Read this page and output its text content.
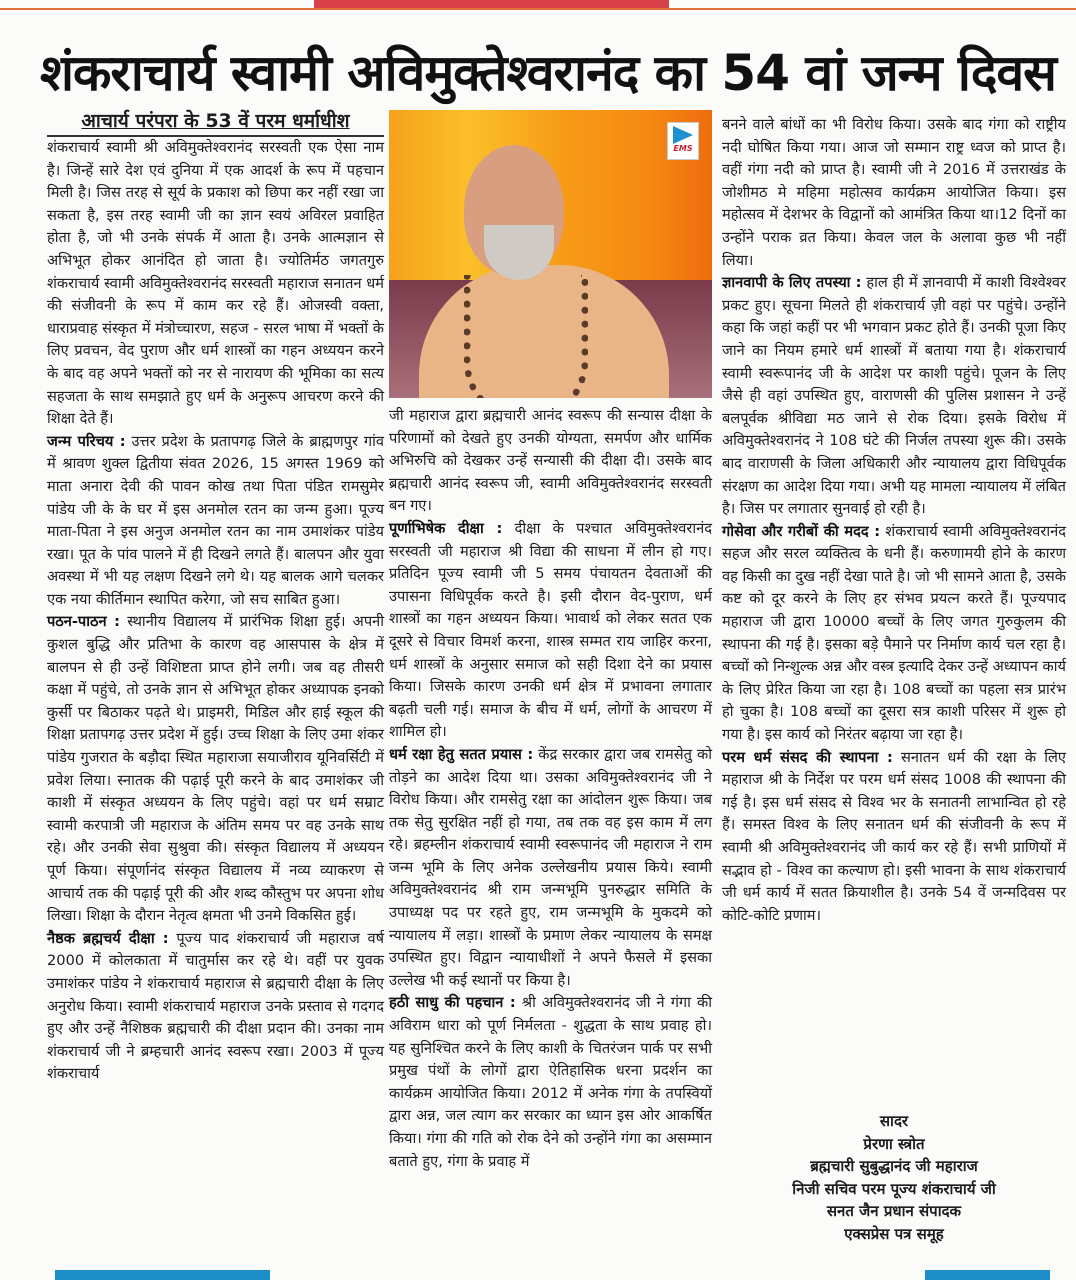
शंकराचार्य स्वामी अविमुक्तेश्वरानंद का 54 वां जन्म दिवस
आचार्य परंपरा के 53 वें परम धर्माधीश
EMS

शंकराचार्य स्वामी श्री अविमुक्तेश्वरानंद सरस्वती एक ऐसा नाम है। जिन्हें सारे देश एवं दुनिया में एक आदर्श के रूप में पहचान मिली है। जिस तरह से सूर्य के प्रकाश को छिपा कर नहीं रखा जा सकता है, इस तरह स्वामी जी का ज्ञान स्वयं अविरल प्रवाहित होता है, जो भी उनके संपर्क में आता है। उनके आत्मज्ञान से अभिभूत होकर आनंदित हो जाता है। ज्योतिर्मठ जगतगुरु शंकराचार्य स्वामी अविमुक्तेश्वरानंद सरस्वती महाराज सनातन धर्म की संजीवनी के रूप में काम कर रहे हैं। ओजस्वी वक्ता, धाराप्रवाह संस्कृत में मंत्रोच्चारण, सहज - सरल भाषा में भक्तों के लिए प्रवचन, वेद पुराण और धर्म शास्त्रों का गहन अध्ययन करने के बाद वह अपने भक्तों को नर से नारायण की भूमिका का सत्य सहजता के साथ समझाते हुए धर्म के अनुरूप आचरण करने की शिक्षा देते हैं।

जन्म परिचय : उत्तर प्रदेश के प्रतापगढ़ जिले के ब्राह्मणपुर गांव में श्रावण शुक्ल द्वितीया संवत 2026, 15 अगस्त 1969 को माता अनारा देवी की पावन कोख तथा पिता पंडित रामसुमेर पांडेय जी के के घर में इस अनमोल रतन का जन्म हुआ। पूज्य माता-पिता ने इस अनुज अनमोल रतन का नाम उमाशंकर पांडेय रखा। पूत के पांव पालने में ही दिखने लगते हैं। बालपन और युवा अवस्था में भी यह लक्षण दिखने लगे थे। यह बालक आगे चलकर एक नया कीर्तिमान स्थापित करेगा, जो सच साबित हुआ।

पठन-पाठन : स्थानीय विद्यालय में प्रारंभिक शिक्षा हुई। अपनी कुशल बुद्धि और प्रतिभा के कारण वह आसपास के क्षेत्र में बालपन से ही उन्हें विशिष्टता प्राप्त होने लगी। जब वह तीसरी कक्षा में पहुंचे, तो उनके ज्ञान से अभिभूत होकर अध्यापक इनको कुर्सी पर बिठाकर पढ़ते थे। प्राइमरी, मिडिल और हाई स्कूल की शिक्षा प्रतापगढ़ उत्तर प्रदेश में हुई। उच्च शिक्षा के लिए उमा शंकर पांडेय गुजरात के बड़ौदा स्थित महाराजा सयाजीराव यूनिवर्सिटी में प्रवेश लिया। स्नातक की पढ़ाई पूरी करने के बाद उमाशंकर जी काशी में संस्कृत अध्ययन के लिए पहुंचे। वहां पर धर्म सम्राट स्वामी करपात्री जी महाराज के अंतिम समय पर वह उनके साथ रहे। और उनकी सेवा सुश्रुवा की। संस्कृत विद्यालय में अध्ययन पूर्ण किया। संपूर्णानंद संस्कृत विद्यालय में नव्य व्याकरण से आचार्य तक की पढ़ाई पूरी की और शब्द कौस्तुभ पर अपना शोध लिखा। शिक्षा के दौरान नेतृत्व क्षमता भी उनमे विकसित हुई।

नैष्ठक ब्रह्मचर्य दीक्षा : पूज्य पाद शंकराचार्य जी महाराज वर्ष 2000 में कोलकाता में चातुर्मास कर रहे थे। वहीं पर युवक उमाशंकर पांडेय ने शंकराचार्य महाराज से ब्रह्मचारी दीक्षा के लिए अनुरोध किया। स्वामी शंकराचार्य महाराज उनके प्रस्ताव से गदगद हुए और उन्हें नैशिष्ठक ब्रह्मचारी की दीक्षा प्रदान की। उनका नाम शंकराचार्य जी ने ब्रम्हचारी आनंद स्वरूप रखा। 2003 में पूज्य शंकराचार्य

जी महाराज द्वारा ब्रह्मचारी आनंद स्वरूप की सन्यास दीक्षा के परिणामों को देखते हुए उनकी योग्यता, समर्पण और धार्मिक अभिरुचि को देखकर उन्हें सन्यासी की दीक्षा दी। उसके बाद ब्रह्मचारी आनंद स्वरूप जी, स्वामी अविमुक्तेश्वरानंद सरस्वती बन गए।

पूर्णाभिषेक दीक्षा : दीक्षा के पश्चात अविमुक्तेश्वरानंद सरस्वती जी महाराज श्री विद्या की साधना में लीन हो गए। प्रतिदिन पूज्य स्वामी जी 5 समय पंचायतन देवताओं की उपासना विधिपूर्वक करते है। इसी दौरान वेद-पुराण, धर्म शास्त्रों का गहन अध्ययन किया। भावार्थ को लेकर सतत एक दूसरे से विचार विमर्श करना, शास्त्र सम्मत राय जाहिर करना, धर्म शास्त्रों के अनुसार समाज को सही दिशा देने का प्रयास किया। जिसके कारण उनकी धर्म क्षेत्र में प्रभावना लगातार बढ़ती चली गई। समाज के बीच में धर्म, लोगों के आचरण में शामिल हो।

धर्म रक्षा हेतु सतत प्रयास : केंद्र सरकार द्वारा जब रामसेतु को तोड़ने का आदेश दिया था। उसका अविमुक्तेश्वरानंद जी ने विरोध किया। और रामसेतु रक्षा का आंदोलन शुरू किया। जब तक सेतु सुरक्षित नहीं हो गया, तब तक वह इस काम में लग रहे। ब्रहम्लीन शंकराचार्य स्वामी स्वरूपानंद जी महाराज ने राम जन्म भूमि के लिए अनेक उल्लेखनीय प्रयास किये। स्वामी अविमुक्तेश्वरानंद श्री राम जन्मभूमि पुनरुद्धार समिति के उपाध्यक्ष पद पर रहते हुए, राम जन्मभूमि के मुकदमे को न्यायालय में लड़ा। शास्त्रों के प्रमाण लेकर न्यायालय के समक्ष उपस्थित हुए। विद्वान न्यायाधीशों ने अपने फैसले में इसका उल्लेख भी कई स्थानों पर किया है।

हठी साधु की पहचान : श्री अविमुक्तेश्वरानंद जी ने गंगा की अविराम धारा को पूर्ण निर्मलता - शुद्धता के साथ प्रवाह हो। यह सुनिश्चित करने के लिए काशी के चितरंजन पार्क पर सभी प्रमुख पंथों के लोगों द्वारा ऐतिहासिक धरना प्रदर्शन का कार्यक्रम आयोजित किया। 2012 में अनेक गंगा के तपस्वियों द्वारा अन्न, जल त्याग कर सरकार का ध्यान इस ओर आकर्षित किया। गंगा की गति को रोक देने को उन्होंने गंगा का असम्मान बताते हुए, गंगा के प्रवाह में

बनने वाले बांधों का भी विरोध किया। उसके बाद गंगा को राष्ट्रीय नदी घोषित किया गया। आज जो सम्मान राष्ट्र ध्वज को प्राप्त है। वहीं गंगा नदी को प्राप्त है। स्वामी जी ने 2016 में उत्तराखंड के जोशीमठ मे महिमा महोत्सव कार्यक्रम आयोजित किया। इस महोत्सव में देशभर के विद्वानों को आमंत्रित किया था।12 दिनों का उन्होंने पराक व्रत किया। केवल जल के अलावा कुछ भी नहीं लिया।

ज्ञानवापी के लिए तपस्या : हाल ही में ज्ञानवापी में काशी विश्वेश्वर प्रकट हुए। सूचना मिलते ही शंकराचार्य ज़ी वहां पर पहुंचे। उन्होंने कहा कि जहां कहीं पर भी भगवान प्रकट होते हैं। उनकी पूजा किए जाने का नियम हमारे धर्म शास्त्रों में बताया गया है। शंकराचार्य स्वामी स्वरूपानंद जी के आदेश पर काशी पहुंचे। पूजन के लिए जैसे ही वहां उपस्थित हुए, वाराणसी की पुलिस प्रशासन ने उन्हें बलपूर्वक श्रीविद्या मठ जाने से रोक दिया। इसके विरोध में अविमुक्तेश्वरानंद ने 108 घंटे की निर्जल तपस्या शुरू की। उसके बाद वाराणसी के जिला अधिकारी और न्यायालय द्वारा विधिपूर्वक संरक्षण का आदेश दिया गया। अभी यह मामला न्यायालय में लंबित है। जिस पर लगातार सुनवाई हो रही है।

गोसेवा और गरीबों की मदद : शंकराचार्य स्वामी अविमुक्तेश्वरानंद सहज और सरल व्यक्तित्व के धनी हैं। करुणामयी होने के कारण वह किसी का दुख नहीं देखा पाते है। जो भी सामने आता है, उसके कष्ट को दूर करने के लिए हर संभव प्रयत्न करते हैं। पूज्यपाद महाराज जी द्वारा 10000 बच्चों के लिए जगत गुरुकुलम की स्थापना की गई है। इसका बड़े पैमाने पर निर्माण कार्य चल रहा है। बच्चों को निन्शुल्क अन्न और वस्त्र इत्यादि देकर उन्हें अध्यापन कार्य के लिए प्रेरित किया जा रहा है। 108 बच्चों का पहला सत्र प्रारंभ हो चुका है। 108 बच्चों का दूसरा सत्र काशी परिसर में शुरू हो गया है। इस कार्य को निरंतर बढ़ाया जा रहा है।

परम धर्म संसद की स्थापना : सनातन धर्म की रक्षा के लिए महाराज श्री के निर्देश पर परम धर्म संसद 1008 की स्थापना की गई है। इस धर्म संसद से विश्व भर के सनातनी लाभान्वित हो रहे हैं। समस्त विश्व के लिए सनातन धर्म की संजीवनी के रूप में स्वामी श्री अविमुक्तेश्वरानंद जी कार्य कर रहे हैं। सभी प्राणियों में सद्भाव हो - विश्व का कल्याण हो। इसी भावना के साथ शंकराचार्य जी धर्म कार्य में सतत क्रियाशील है। उनके 54 वें जन्मदिवस पर कोटि-कोटि प्रणाम।

सादर
प्रेरणा स्त्रोत
ब्रह्मचारी सुबुद्धानंद जी महाराज
निजी सचिव परम पूज्य शंकराचार्य जी
सनत जैन प्रधान संपादक
एक्सप्रेस पत्र समूह
